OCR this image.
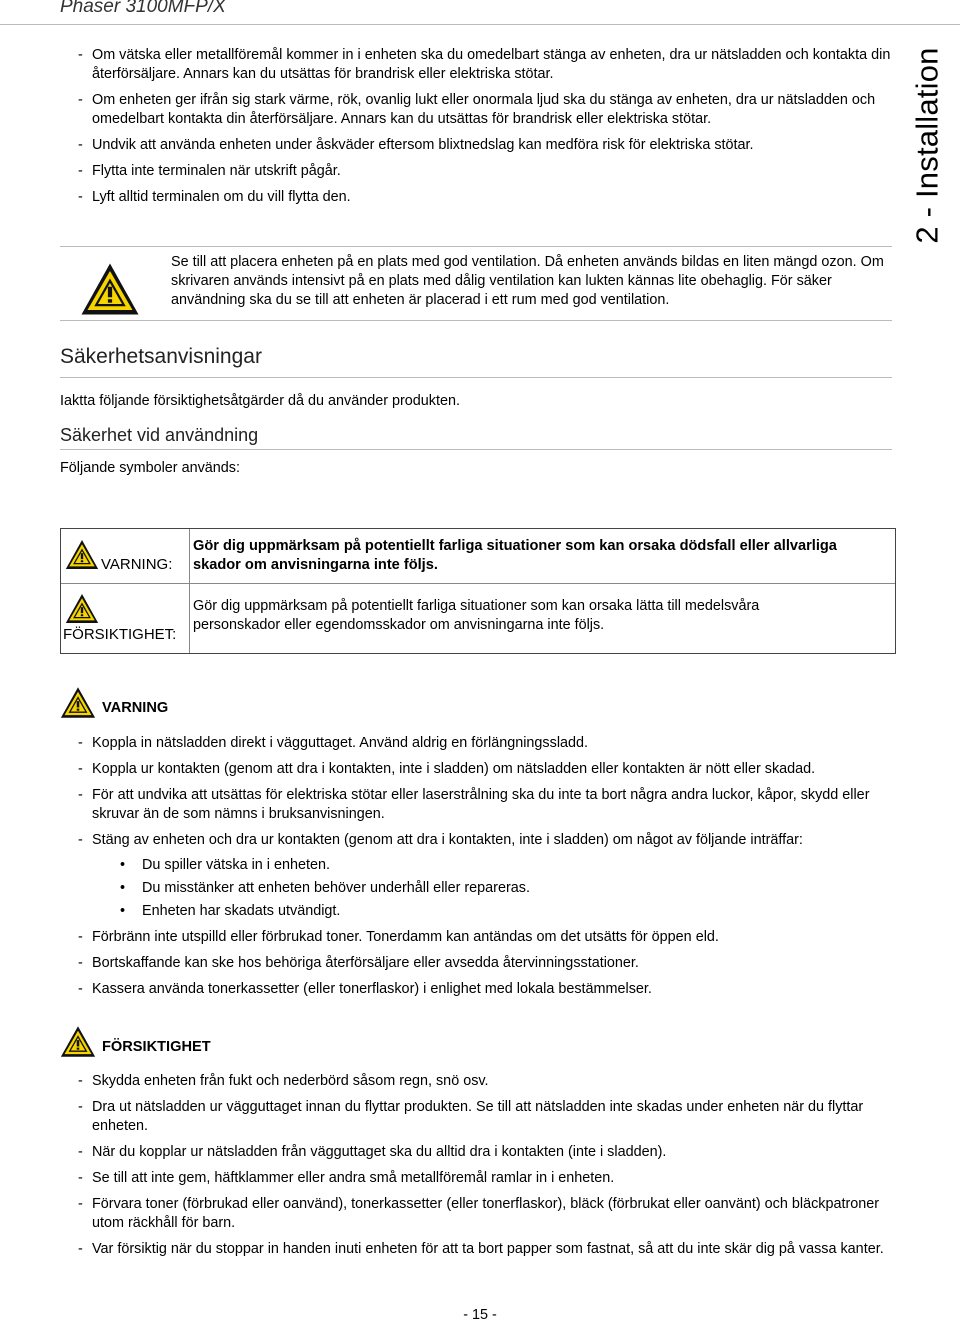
Phaser 3100MFP/X
2 - Installation
- Om vätska eller metallföremål kommer in i enheten ska du omedelbart stänga av enheten, dra ur nätsladden och kontakta din återförsäljare. Annars kan du utsättas för brandrisk eller elektriska stötar.
- Om enheten ger ifrån sig stark värme, rök, ovanlig lukt eller onormala ljud ska du stänga av enheten, dra ur nätsladden och omedelbart kontakta din återförsäljare. Annars kan du utsättas för brandrisk eller elektriska stötar.
- Undvik att använda enheten under åskväder eftersom blixtnedslag kan medföra risk för elektriska stötar.
- Flytta inte terminalen när utskrift pågår.
- Lyft alltid terminalen om du vill flytta den.
Se till att placera enheten på en plats med god ventilation. Då enheten används bildas en liten mängd ozon. Om skrivaren används intensivt på en plats med dålig ventilation kan lukten kännas lite obehaglig. För säker användning ska du se till att enheten är placerad i ett rum med god ventilation.
Säkerhetsanvisningar
Iaktta följande försiktighetsåtgärder då du använder produkten.
Säkerhet vid användning
Följande symboler används:
VARNING:
Gör dig uppmärksam på potentiellt farliga situationer som kan orsaka dödsfall eller allvarliga skador om anvisningarna inte följs.
FÖRSIKTIGHET:
Gör dig uppmärksam på potentiellt farliga situationer som kan orsaka lätta till medelsvåra personskador eller egendomsskador om anvisningarna inte följs.
VARNING
- Koppla in nätsladden direkt i vägguttaget. Använd aldrig en förlängningssladd.
- Koppla ur kontakten (genom att dra i kontakten, inte i sladden) om nätsladden eller kontakten är nött eller skadad.
- För att undvika att utsättas för elektriska stötar eller laserstrålning ska du inte ta bort några andra luckor, kåpor, skydd eller skruvar än de som nämns i bruksanvisningen.
- Stäng av enheten och dra ur kontakten (genom att dra i kontakten, inte i sladden) om något av följande inträffar:
• Du spiller vätska in i enheten.
• Du misstänker att enheten behöver underhåll eller repareras.
• Enheten har skadats utvändigt.
- Förbränn inte utspilld eller förbrukad toner. Tonerdamm kan antändas om det utsätts för öppen eld.
- Bortskaffande kan ske hos behöriga återförsäljare eller avsedda återvinningsstationer.
- Kassera använda tonerkassetter (eller tonerflaskor) i enlighet med lokala bestämmelser.
FÖRSIKTIGHET
- Skydda enheten från fukt och nederbörd såsom regn, snö osv.
- Dra ut nätsladden ur vägguttaget innan du flyttar produkten. Se till att nätsladden inte skadas under enheten när du flyttar enheten.
- När du kopplar ur nätsladden från vägguttaget ska du alltid dra i kontakten (inte i sladden).
- Se till att inte gem, häftklammer eller andra små metallföremål ramlar in i enheten.
- Förvara toner (förbrukad eller oanvänd), tonerkassetter (eller tonerflaskor), bläck (förbrukat eller oanvänt) och bläckpatroner utom räckhåll för barn.
- Var försiktig när du stoppar in handen inuti enheten för att ta bort papper som fastnat, så att du inte skär dig på vassa kanter.
- 15 -
